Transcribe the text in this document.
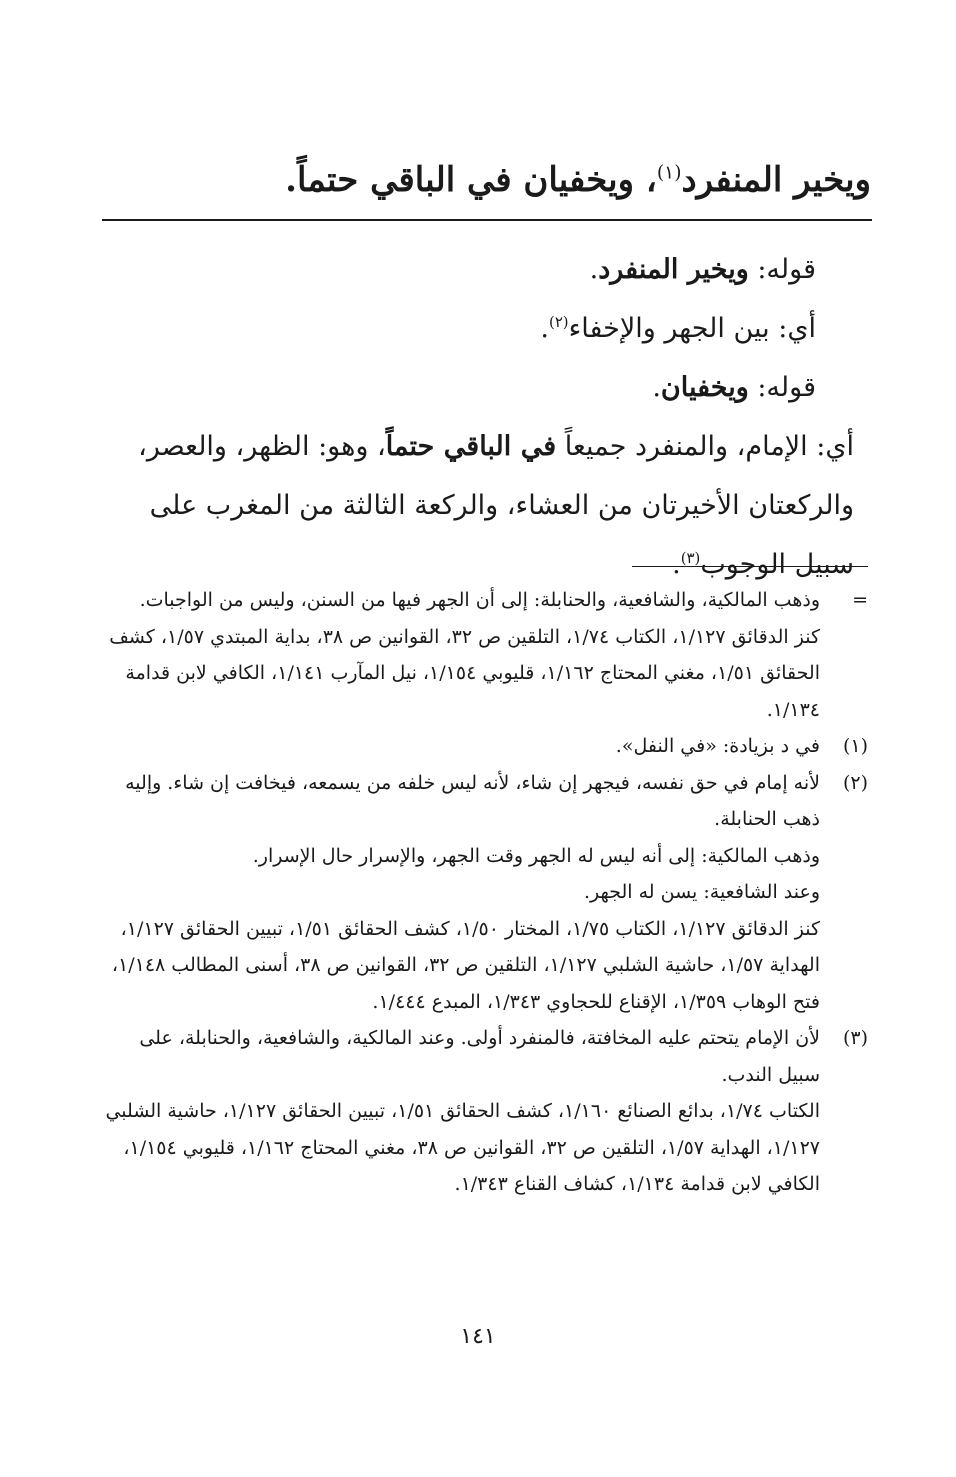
ويخير المنفرد$^{(١)}$، ويخفيان في الباقي حتماً.

قوله: ويخير المنفرد.

أي: بين الجهر والإخفاء$^{(٢)}$.

قوله: ويخفيان.

أي: الإمام، والمنفرد جميعاً في الباقي حتماً، وهو: الظهر، والعصر، والركعتان الأخيرتان من العشاء، والركعة الثالثة من المغرب على سبيل الوجوب$^{(٣)}$.

=

وذهب المالكية، والشافعية، والحنابلة: إلى أن الجهر فيها من السنن، وليس من الواجبات.

كنز الدقائق ١/١٢٧، الكتاب ١/٧٤، التلقين ص ٣٢، القوانين ص ٣٨، بداية المبتدي ١/٥٧، كشف الحقائق ١/٥١، مغني المحتاج ١/١٦٢، قليوبي ١/١٥٤، نيل المآرب ١/١٤١، الكافي لابن قدامة ١/١٣٤.

(١)

في د بزيادة: «في النفل».

(٢)

لأنه إمام في حق نفسه، فيجهر إن شاء، لأنه ليس خلفه من يسمعه، فيخافت إن شاء. وإليه ذهب الحنابلة.

وذهب المالكية: إلى أنه ليس له الجهر وقت الجهر، والإسرار حال الإسرار.

وعند الشافعية: يسن له الجهر.

كنز الدقائق ١/١٢٧، الكتاب ١/٧٥، المختار ١/٥٠، كشف الحقائق ١/٥١، تبيين الحقائق ١/١٢٧، الهداية ١/٥٧، حاشية الشلبي ١/١٢٧، التلقين ص ٣٢، القوانين ص ٣٨، أسنى المطالب ١/١٤٨، فتح الوهاب ١/٣٥٩، الإقناع للحجاوي ١/٣٤٣، المبدع ١/٤٤٤.

(٣)

لأن الإمام يتحتم عليه المخافتة، فالمنفرد أولى. وعند المالكية، والشافعية، والحنابلة، على سبيل الندب.

الكتاب ١/٧٤، بدائع الصنائع ١/١٦٠، كشف الحقائق ١/٥١، تبيين الحقائق ١/١٢٧، حاشية الشلبي ١/١٢٧، الهداية ١/٥٧، التلقين ص ٣٢، القوانين ص ٣٨، مغني المحتاج ١/١٦٢، قليوبي ١/١٥٤، الكافي لابن قدامة ١/١٣٤، كشاف القناع ١/٣٤٣.

١٤١
